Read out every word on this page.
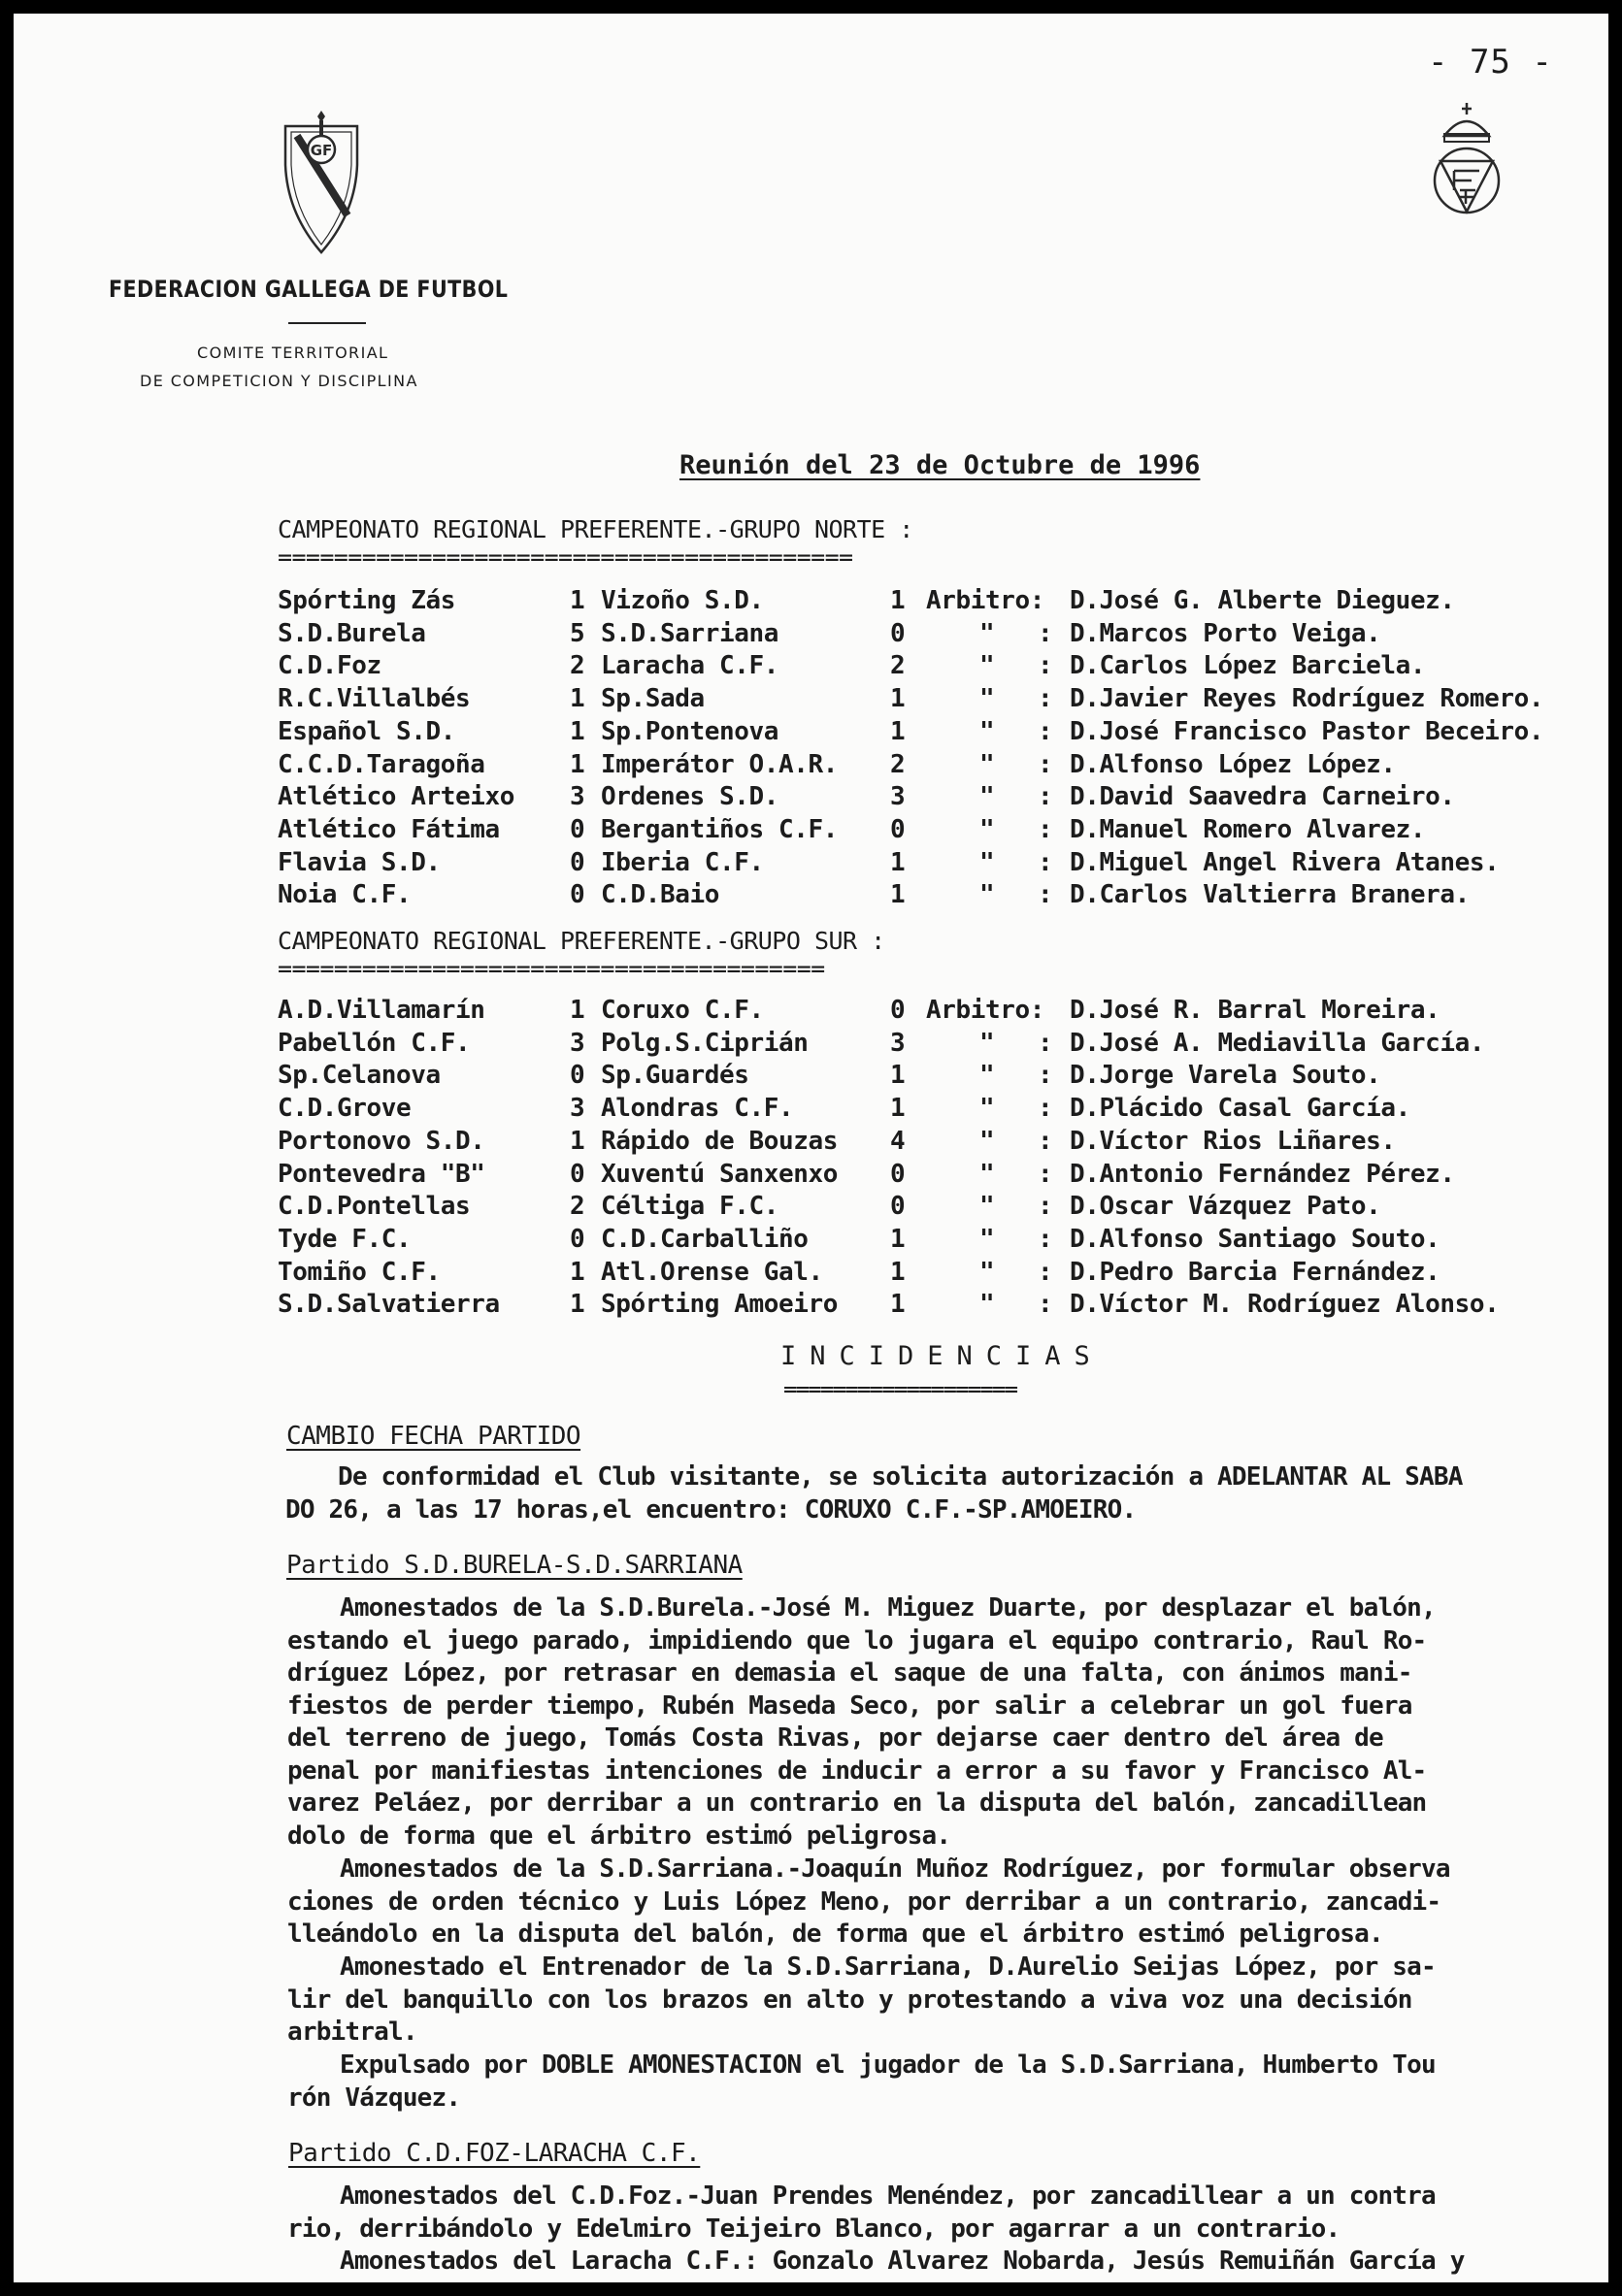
- 75 -
GF
FEDERACION GALLEGA DE FUTBOL
COMITE TERRITORIAL
DE COMPETICION Y DISCIPLINA
Reunión del 23 de Octubre de 1996
CAMPEONATO REGIONAL PREFERENTE.-GRUPO NORTE :
=========================================
Spórting Zás	1 Vizoño S.D.	1 Arbitro: D.José G. Alberte Dieguez.
S.D.Burela	5 S.D.Sarriana	0	" : D.Marcos Porto Veiga.
C.D.Foz	2 Laracha C.F.	2	" : D.Carlos López Barciela.
R.C.Villalbés	1 Sp.Sada	1	" : D.Javier Reyes Rodríguez Romero.
Español S.D.	1 Sp.Pontenova	1	" : D.José Francisco Pastor Beceiro.
C.C.D.Taragoña	1 Imperátor O.A.R. 2	" : D.Alfonso López López.
Atlético Arteixo 3 Ordenes S.D.	3	" : D.David Saavedra Carneiro.
Atlético Fátima	0 Bergantiños C.F. 0	" : D.Manuel Romero Alvarez.
Flavia S.D.	0 Iberia C.F.	1	" : D.Miguel Angel Rivera Atanes.
Noia C.F.	0 C.D.Baio	1	" : D.Carlos Valtierra Branera.
CAMPEONATO REGIONAL PREFERENTE.-GRUPO SUR :
=======================================
A.D.Villamarín	1 Coruxo C.F.	0 Arbitro: D.José R. Barral Moreira.
Pabellón C.F.	3 Polg.S.Ciprián	3	" : D.José A. Mediavilla García.
Sp.Celanova	0 Sp.Guardés	1	" : D.Jorge Varela Souto.
C.D.Grove	3 Alondras C.F.	1	" : D.Plácido Casal García.
Portonovo S.D.	1 Rápido de Bouzas 4	" : D.Víctor Rios Liñares.
Pontevedra "B"	0 Xuventú Sanxenxo 0	" : D.Antonio Fernández Pérez.
C.D.Pontellas	2 Céltiga F.C.	0	" : D.Oscar Vázquez Pato.
Tyde F.C.	0 C.D.Carballiño	1	" : D.Alfonso Santiago Souto.
Tomiño C.F.	1 Atl.Orense Gal.	1	" : D.Pedro Barcia Fernández.
S.D.Salvatierra	1 Spórting Amoeiro 1	" : D.Víctor M. Rodríguez Alonso.
INCIDENCIAS
===================
CAMBIO FECHA PARTIDO
De conformidad el Club visitante, se solicita autorización a ADELANTAR AL SABA
DO 26, a las 17 horas,el encuentro: CORUXO C.F.-SP.AMOEIRO.
Partido S.D.BURELA-S.D.SARRIANA
Amonestados de la S.D.Burela.-José M. Miguez Duarte, por desplazar el balón,
estando el juego parado, impidiendo que lo jugara el equipo contrario, Raul Ro-
dríguez López, por retrasar en demasia el saque de una falta, con ánimos mani-
fiestos de perder tiempo, Rubén Maseda Seco, por salir a celebrar un gol fuera
del terreno de juego, Tomás Costa Rivas, por dejarse caer dentro del área de
penal por manifiestas intenciones de inducir a error a su favor y Francisco Al-
varez Peláez, por derribar a un contrario en la disputa del balón, zancadillean
dolo de forma que el árbitro estimó peligrosa.
Amonestados de la S.D.Sarriana.-Joaquín Muñoz Rodríguez, por formular observa
ciones de orden técnico y Luis López Meno, por derribar a un contrario, zancadi-
lleándolo en la disputa del balón, de forma que el árbitro estimó peligrosa.
Amonestado el Entrenador de la S.D.Sarriana, D.Aurelio Seijas López, por sa-
lir del banquillo con los brazos en alto y protestando a viva voz una decisión
arbitral.
Expulsado por DOBLE AMONESTACION el jugador de la S.D.Sarriana, Humberto Tou
rón Vázquez.
Partido C.D.FOZ-LARACHA C.F.
Amonestados del C.D.Foz.-Juan Prendes Menéndez, por zancadillear a un contra
rio, derribándolo y Edelmiro Teijeiro Blanco, por agarrar a un contrario.
Amonestados del Laracha C.F.: Gonzalo Alvarez Nobarda, Jesús Remuiñán García y
